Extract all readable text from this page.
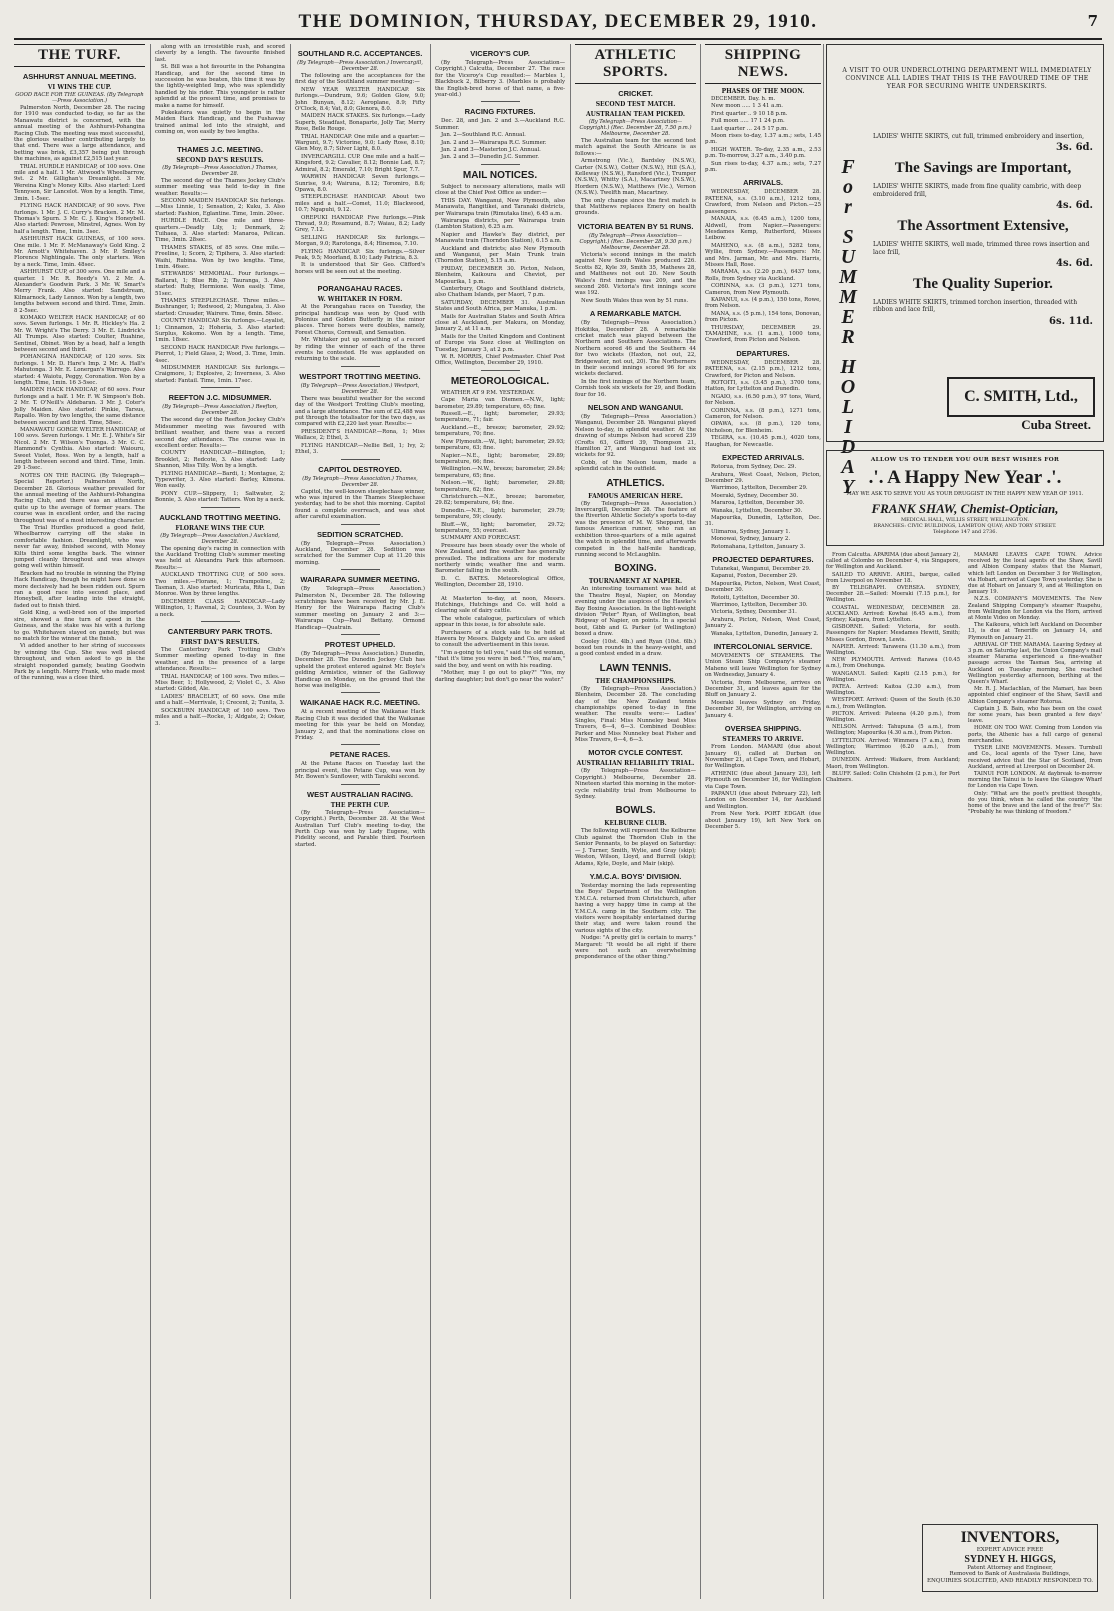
THE DOMINION, THURSDAY, DECEMBER 29, 1910.	7
THE TURF.
ASHHURST ANNUAL MEETING.
VI WINS THE CUP.
GOOD RACE FOR THE GUINEAS. (By Telegraph—Press Association.)

Palmerston North, December 28. The racing for 1910 was conducted to-day, so far as the Manawatu district is concerned, with the annual meeting of the Ashhurst-Pohangina Racing Club. The meeting was most successful, the glorious weather contributing largely to that end. There was a large attendance, and betting was brisk, £3,357 being put through the machines, as against £2,515 last year.

TRIAL HURDLE HANDICAP, of 100 sovs. One mile and a half. 1 Mr. Attwood's Wheelbarrow, 9st. 2 Mr. Gillighan's Dreamlight. 3 Mr. Wereina King's Money Kilts. Also started: Lord Tennyson, Sir Lancelot. Won by a length. Time, 3min. 1-5sec.

FLYING HACK HANDICAP, of 90 sovs. Five furlongs. 1 Mr. J. C. Curry's Bracken. 2 Mr. M. Thomas's Spurn. 3 Mr. C. J. King's Honeybell. Also started: Pewrose, Minstrel, Agnes. Won by half a length. Time, 1min. 3sec.

ASHHURST HACK GUINEAS, of 100 sovs. One mile. 1 Mr. F. McManaway's Gold King. 2 Mr. Arnott's Whitehaven. 3 Mr. P. Smiley's Florence Nightingale. The only starters. Won by a neck. Time, 1min. 48sec.

ASHHURST CUP, of 300 sovs. One mile and a quarter. 1 Mr. R. Reedy's Vi. 2 Mr. A. Alexander's Goodwin Park. 3 Mr. W. Smart's Merry Frank. Also started: Sandstream, Kilmarnock, Lady Lennox. Won by a length, two lengths between second and third. Time, 2min. 8 2-5sec.

KOMAKO WELTER HACK HANDICAP, of 60 sovs. Seven furlongs. 1 Mr. R. Hickley's Ha. 2 Mr. W. Wright's The Derry. 3 Mr. E. Lindrick's All Trumps. Also started: Coulter, Ruahine, Sentinel, Obinet. Won by a head, half a length between second and third.

POHANGINA HANDICAP, of 120 sovs. Six furlongs. 1 Mr. D. Hare's Imp. 2 Mr. A. Hall's Mahutonga. 3 Mr. E. Lonergan's Warrego. Also started: 4 Waiotu, Peggy, Coronation. Won by a length. Time, 1min. 16 3-5sec.

MAIDEN HACK HANDICAP, of 60 sovs. Four furlongs and a half. 1 Mr. F. W. Simpson's Bob. 2 Mr. T. O'Neill's Aldebaran. 3 Mr. J. Coter's Jolly Maiden. Also started: Pinkie, Tarsus, Rapallo. Won by two lengths, the same distance between second and third. Time, 58sec.

MANAWATU GORGE WELTER HANDICAP, of 100 sovs. Seven furlongs. 1 Mr. E. J. White's Sir Nicol. 2 Mr. T. Wilson's Tuonga. 3 Mr. C. C. Hammond's Cynthia. Also started: Waiouru, Sweet Violet, Ross. Won by a length, half a length between second and third. Time, 1min. 29 1-5sec.

NOTES ON THE RACING. (By Telegraph—Special Reporter.) Palmerston North, December 28. Glorious weather prevailed for the annual meeting of the Ashhurst-Pohangina Racing Club, and there was an attendance quite up to the average of former years. The course was in excellent order, and the racing throughout was of a most interesting character.

The Trial Hurdles produced a good field, Wheelbarrow carrying off the stake in comfortable fashion. Dreamlight, who was never far away, finished second, with Money Kilts third some lengths back. The winner jumped cleanly throughout and was always going well within himself.

Bracken had no trouble in winning the Flying Hack Handicap, though he might have done so more decisively had he been ridden out. Spurn ran a good race into second place, and Honeybell, after leading into the straight, faded out to finish third.

Gold King, a well-bred son of the imported sire, showed a fine turn of speed in the Guineas, and the stake was his with a furlong to go. Whitehaven stayed on gamely, but was no match for the winner at the finish.

Vi added another to her string of successes by winning the Cup. She was well placed throughout, and when asked to go in the straight responded gamely, beating Goodwin Park by a length. Merry Frank, who made most of the running, was a close third.

along with an irresistible rush, and scored cleverly by a length. The favourite finished last.

St. Bill was a hot favourite in the Pohangina Handicap, and for the second time in succession he was beaten, this time it was by the lightly-weighted Imp, who was splendidly handled by his rider. This youngster is rather splendid at the present time, and promises to make a name for himself.

Pukekatera was quietly to begin in the Maiden Hack Handicap, and the Fushaway trained animal led into the straight, and coming on, won easily by two lengths.

THAMES J.C. MEETING.
SECOND DAY'S RESULTS.
(By Telegraph—Press Association.) Thames, December 28.

The second day of the Thames Jockey Club's summer meeting was held to-day in fine weather. Results:—

SECOND MAIDEN HANDICAP. Six furlongs.—Miss Linnie, 1; Sensation, 2; Kuku, 3. Also started: Fashion, Eglantine. Time, 1min. 20sec.

HURDLE RACE. One mile and three-quarters.—Deadly Lily, 1; Denmark, 2; Tuihaea, 3. Also started: Manaroa, Pelican. Time, 3min. 28sec.

THAMES STAKES, of 85 sovs. One mile.—Freeline, 1; Scorn, 2; Tipihera, 3. Also started: Waihi, Rubina. Won by two lengths. Time, 1min. 46sec.

STEWARDS' MEMORIAL. Four furlongs.—Ballarat, 1; Blue Rib, 2; Tauranga, 3. Also started: Ruby, Hermione. Won easily. Time, 51sec.

THAMES STEEPLECHASE. Three miles.—Bushranger, 1; Redwood, 2; Mungatea, 3. Also started: Crusader, Wairere. Time, 6min. 58sec.

COUNTY HANDICAP. Six furlongs.—Loyalist, 1; Cinnamon, 2; Hoheria, 3. Also started: Surplus, Kokomo. Won by a length. Time, 1min. 18sec.

SECOND HACK HANDICAP. Five furlongs.—Pierrot, 1; Field Glass, 2; Wood, 3. Time, 1min. 4sec.

MIDSUMMER HANDICAP. Six furlongs.—Craigmore, 1; Explosive, 2; Inverness, 3. Also started: Fantail. Time, 1min. 17sec.

REEFTON J.C. MIDSUMMER.
(By Telegraph—Press Association.) Reefton, December 28.

The second day of the Reefton Jockey Club's Midsummer meeting was favoured with brilliant weather, and there was a record second day attendance. The course was in excellent order. Results:—

COUNTY HANDICAP.—Billington, 1; Brooklet, 2; Redcote, 3. Also started: Lady Shannon, Miss Tilly. Won by a length.

FLYING HANDICAP.—Bardi, 1; Montague, 2; Typewriter, 3. Also started: Barley, Kimona. Won easily.

PONY CUP.—Slippery, 1; Saltwater, 2; Bonnie, 3. Also started: Tatters. Won by a neck.

AUCKLAND TROTTING MEETING.
FLORANE WINS THE CUP.
(By Telegraph—Press Association.) Auckland, December 28.

The opening day's racing in connection with the Auckland Trotting Club's summer meeting was held at Alexandra Park this afternoon. Results:—

AUCKLAND TROTTING CUP, of 500 sovs. Two miles.—Florane, 1; Trampoline, 2; Tasman, 3. Also started: Muricata, Rita L, Dan Monroe. Won by three lengths.

DECEMBER CLASS HANDICAP.—Lady Willington, 1; Ravenal, 2; Countess, 3. Won by a neck.

CANTERBURY PARK TROTS.
FIRST DAY'S RESULTS.

The Canterbury Park Trotting Club's Summer meeting opened to-day in fine weather, and in the presence of a large attendance. Results:—

TRIAL HANDICAP, of 100 sovs. Two miles.—Miss Beer, 1; Hollywood, 2; Violet C., 3. Also started: Gilded, Ale.

LADIES' BRACELET, of 60 sovs. One mile and a half.—Merrivale, 1; Crecent, 2; Tunita, 3.

SOCKBURN HANDICAP, of 160 sovs. Two miles and a half.—Rocke, 1; Aldgate, 2; Oskar, 3.

SOUTHLAND R.C. ACCEPTANCES.
(By Telegraph—Press Association.) Invercargill, December 28.

The following are the acceptances for the first day of the Southland summer meeting:—

NEW YEAR WELTER HANDICAP. Six furlongs.—Dundrum, 9.6; Golden Glow, 9.0; John Bunyan, 8.12; Aeroplane, 8.9; Fifty O'Clock, 8.4; Vat, 8.0; Glenora, 8.0.

MAIDEN HACK STAKES. Six furlongs.—Lady Superb, Steadfast, Bonaparte, Jolly Tar, Merry Rose, Belle Rouge.

TRIAL HANDICAP. One mile and a quarter.—Wargunt, 9.7; Victorine, 9.0; Lady Rose, 8.10; Glen Moy, 8.7; Silver Light, 8.0.

INVERCARGILL CUP. One mile and a half.—Kingsford, 9.2; Cavalier, 8.12; Bonnie Lad, 8.7; Admiral, 8.2; Emerald, 7.10; Bright Spur, 7.7.

WARWIN HANDICAP. Seven furlongs.—Sunrise, 9.4; Wairuna, 8.12; Toromiro, 8.6; Opawa, 8.0.

STEEPLECHASE HANDICAP. About two miles and a half.—Comet, 11.0; Blackwood, 10.7; Ngapuhi, 9.12.

OREPUKI HANDICAP. Five furlongs.—Pink Thread, 9.0; Rosamund, 8.7; Waiau, 8.2; Lady Grey, 7.12.

SELLING HANDICAP. Six furlongs.—Morgan, 9.0; Rarotonga, 8.4; Hinemoa, 7.10.

FLYING HANDICAP. Six furlongs.—Silver Peak, 9.5; Moorland, 8.10; Lady Patricia, 8.3.

It is understood that Sir Geo. Clifford's horses will be seen out at the meeting.

PORANGAHAU RACES.
W. WHITAKER IN FORM.

At the Porangahau races on Tuesday, the principal handicap was won by Quod with Polonius and Golden Butterfly in the minor places. Three horses were doubles, namely, Forest Chorus, Cornwall, and Sensation.

Mr. Whitaker put up something of a record by riding the winner of each of the three events he contested. He was applauded on returning to the scale.

WESTPORT TROTTING MEETING.
(By Telegraph—Press Association.) Westport, December 28.

There was beautiful weather for the second day of the Westport Trotting Club's meeting, and a large attendance. The sum of £2,488 was put through the totalisator for the two days, as compared with £2,220 last year. Results:—

PRESIDENT'S HANDICAP.—Rona, 1; Miss Wallace, 2; Ethel, 3.

FLYING HANDICAP.—Nellie Bell, 1; Ivy, 2; Ethel, 3.

CAPITOL DESTROYED.
(By Telegraph—Press Association.) Thames, December 28.

Capitol, the well-known steeplechase winner, who was injured in the Thames Steeplechase yesterday, had to be shot this morning. Capitol found a complete overreach, and was shot after careful examination.

SEDITION SCRATCHED.

(By Telegraph—Press Association.) Auckland, December 28. Sedition was scratched for the Summer Cup at 11.20 this morning.

WAIRARAPA SUMMER MEETING.

(By Telegraph—Press Association.) Palmerston N., December 28. The following scratchings have been received by Mr. J. E. Henry for the Wairarapa Racing Club's summer meeting on January 2 and 3:—Wairarapa Cup—Paul Bettany. Ormond Handicap—Quatrain.

PROTEST UPHELD.

(By Telegraph—Press Association.) Dunedin, December 28. The Dunedin Jockey Club has upheld the protest entered against Mr. Boyle's gelding Armistice, winner of the Galloway Handicap on Monday, on the ground that the horse was ineligible.

WAIKANAE HACK R.C. MEETING.

At a recent meeting of the Waikanae Hack Racing Club it was decided that the Waikanae meeting for this year be held on Monday, January 2, and that the nominations close on Friday.

PETANE RACES.

At the Petane Races on Tuesday last the principal event, the Petane Cup, was won by Mr. Bowen's Sunflower, with Tarakihi second.

WEST AUSTRALIAN RACING.
THE PERTH CUP.

(By Telegraph—Press Association—Copyright.) Perth, December 28. At the West Australian Turf Club's meeting to-day, the Perth Cup was won by Lady Eugene, with Fidelity second, and Parable third. Fourteen started.

VICEROY'S CUP.

(By Telegraph—Press Association—Copyright.) Calcutta, December 27. The race for the Viceroy's Cup resulted:— Marbles 1, Blackbuck 2, Bilberry 3. (Marbles is probably the English-bred horse of that name, a five-year-old.)

RACING FIXTURES.

Dec. 28, and Jan. 2 and 3.—Auckland R.C. Summer.

Jan. 2—Southland R.C. Annual.

Jan. 2 and 3—Wairarapa R.C. Summer.

Jan. 2 and 3—Masterton J.C. Annual.

Jan. 2 and 3—Dunedin J.C. Summer.

MAIL NOTICES.

Subject to necessary alterations, mails will close at the Chief Post Office as under:—

THIS DAY. Wanganui, New Plymouth, also Manawatu, Rangitikei, and Taranaki districts, per Wairarapa train (Rimutaka line), 6.45 a.m.

Wairarapa districts, per Wairarapa train (Lambton Station), 6.25 a.m.

Napier and Hawke's Bay district, per Manawatu train (Thorndon Station), 6.15 a.m.

Auckland and districts; also New Plymouth and Wanganui, per Main Trunk train (Thorndon Station), 5.15 a.m.

FRIDAY, DECEMBER 30. Picton, Nelson, Blenheim, Kaikoura and Cheviot, per Mapourika, 1 p.m.

Canterbury, Otago and Southland districts, also Chatham Islands, per Maori, 7 p.m.

SATURDAY, DECEMBER 31. Australian States and South Africa, per Manuka, 1 p.m.

Mails for Australian States and South Africa close at Auckland, per Makura, on Monday, January 2, at 11 a.m.

Mails for the United Kingdom and Continent of Europe via Suez close at Wellington on Tuesday, January 3, at 2 p.m.

W. R. MORRIS, Chief Postmaster. Chief Post Office, Wellington, December 29, 1910.

METEOROLOGICAL.

WEATHER AT 9 P.M. YESTERDAY.

Cape Maria van Diemen.—N.W., light; barometer, 29.89; temperature, 65; fine.

Russell.—E., light; barometer, 29.93; temperature, 71; fair.

Auckland.—E., breeze; barometer, 29.92; temperature, 70; fine.

New Plymouth.—W., light; barometer, 29.93; temperature, 63; fine.

Napier.—N.E., light; barometer, 29.89; temperature, 66; fine.

Wellington.—N.W., breeze; barometer, 29.84; temperature, 65; fine.

Nelson.—W., light; barometer, 29.88; temperature, 62; fine.

Christchurch.—N.E., breeze; barometer, 29.82; temperature, 64; fine.

Dunedin.—N.E., light; barometer, 29.79; temperature, 59; cloudy.

Bluff.—W., light; barometer, 29.72; temperature, 55; overcast.

SUMMARY AND FORECAST.

Pressure has been steady over the whole of New Zealand, and fine weather has generally prevailed. The indications are for moderate northerly winds; weather fine and warm. Barometer falling in the south.

D. C. BATES. Meteorological Office, Wellington, December 28, 1910.

At Masterton to-day, at noon, Messrs. Hutchings, Hutchings and Co. will hold a clearing sale of dairy cattle.

The whole catalogue, particulars of which appear in this issue, is for absolute sale.

Purchasers of a stock sale to be held at Hawera by Messrs. Dalgety and Co. are asked to consult the advertisement in this issue.

"I'm a-going to tell you," said the old woman, "that it's time you were in bed." "Yes, ma'am," said the boy, and went on with his reading.

"Mother, may I go out to play?" "Yes, my darling daughter; but don't go near the water."

ATHLETIC SPORTS.
CRICKET.
SECOND TEST MATCH.
AUSTRALIAN TEAM PICKED.
(By Telegraph—Press Association—Copyright.) (Rec. December 28, 7.50 p.m.) Melbourne, December 28.

The Australian team for the second test match against the South Africans is as follows:—

Armstrong (Vic.), Bardsley (N.S.W.), Carter (N.S.W.), Cotter (N.S.W.), Hill (S.A.), Kelleway (N.S.W.), Ransford (Vic.), Trumper (N.S.W.), Whitty (S.A.), Macartney (N.S.W.), Hordern (N.S.W.), Matthews (Vic.), Vernon (N.S.W.). Twelfth man, Macartney.

The only change since the first match is that Matthews replaces Emery on health grounds.

VICTORIA BEATEN BY 51 RUNS.
(By Telegraph—Press Association—Copyright.) (Rec. December 28, 9.30 p.m.) Melbourne, December 28.

Victoria's second innings in the match against New South Wales produced 226. Scotts 82, Kyle 39, Smith 35, Mathews 28, and Matthews not out 20. New South Wales's first innings was 209, and the second 260. Victoria's first innings score was 192.

New South Wales thus won by 51 runs.

A REMARKABLE MATCH.

(By Telegraph—Press Association.) Hokitika, December 28. A remarkable cricket match was played between the Northern and Southern Associations. The Northern scored 46 and the Southern 44 for two wickets (Haxton, not out, 22, Bridgewater, not out, 20). The Northerners in their second innings scored 96 for six wickets declared.

In the first innings of the Northern team, Cornish took six wickets for 29, and Bodkin four for 16.

NELSON AND WANGANUI.

(By Telegraph—Press Association.) Wanganui, December 28. Wanganui played Nelson to-day, in splendid weather. At the drawing of stumps Nelson had scored 239 (Crofts 63, Gifford 39, Thompson 21, Hamilton 27, and Wanganui had lost six wickets for 92.

Cobb, of the Nelson team, made a splendid catch in the outfield.

ATHLETICS.
FAMOUS AMERICAN HERE.

(By Telegraph—Press Association.) Invercargill, December 28. The feature of the Riverton Athletic Society's sports to-day was the presence of M. W. Sheppard, the famous American runner, who ran an exhibition three-quarters of a mile against the watch in splendid time, and afterwards competed in the half-mile handicap, running second to McLaughlin.

BOXING.
TOURNAMENT AT NAPIER.

An interesting tournament was held at the Theatre Royal, Napier, on Monday evening under the auspices of the Hawke's Bay Boxing Association. In the light-weight division "Peter" Ryan, of Wellington, beat Ridgway of Napier, on points. In a special bout, Gibb and G. Parker (of Wellington) boxed a draw.

Cooley (10st. 4lb.) and Ryan (10st. 6lb.) boxed ten rounds in the heavy-weight, and a good contest ended in a draw.

LAWN TENNIS.
THE CHAMPIONSHIPS.

(By Telegraph—Press Association.) Blenheim, December 28. The concluding day of the New Zealand tennis championships opened to-day in fine weather. The results were:— Ladies' Singles, Final: Miss Nunneley beat Miss Travers, 6—4, 6—3. Combined Doubles: Parker and Miss Nunneley beat Fisher and Miss Travers, 6—4, 6—3.

MOTOR CYCLE CONTEST.
AUSTRALIAN RELIABILITY TRIAL.

(By Telegraph—Press Association—Copyright.) Melbourne, December 28. Nineteen started this morning in the motor-cycle reliability trial from Melbourne to Sydney.

BOWLS.
KELBURNE CLUB.

The following will represent the Kelburne Club against the Thorndon Club in the Senior Pennants, to be played on Saturday:— J. Turner, Smith, Wylie, and Gray (skip); Weston, Wilson, Lloyd, and Burrell (skip); Adams, Kyle, Doyle, and Mair (skip).

Y.M.C.A. BOYS' DIVISION.

Yesterday morning the lads representing the Boys' Department of the Wellington Y.M.C.A. returned from Christchurch, after having a very happy time in camp at the Y.M.C.A. camp in the Southern city. The visitors were hospitably entertained during their stay, and were taken round the various sights of the city.

Nudge: "A pretty girl is certain to marry." Margaret: "It would be all right if there were not such an overwhelming preponderance of the other thing."

SHIPPING NEWS.
PHASES OF THE MOON.

DECEMBER. Day. h. m.

New moon ..... 1 3 41 a.m.

First quarter .. 9 10 18 p.m.

Full moon ..... 17 1 24 p.m.

Last quarter ... 24 5 17 p.m.

Moon rises to-day, 1.37 a.m.; sets, 1.45 p.m.

HIGH WATER. To-day, 2.35 a.m., 2.53 p.m. To-morrow, 3.27 a.m., 3.40 p.m.

Sun rises to-day, 4.37 a.m.; sets, 7.27 p.m.

ARRIVALS.

WEDNESDAY, DECEMBER 28. PATEENA, s.s. (3.10 a.m.), 1212 tons, Crawford, from Nelson and Picton.—25 passengers.

MANAIA, s.s. (6.45 a.m.), 1200 tons, Aldwell, from Napier.—Passengers: Mesdames Kemp, Rutherford, Misses Leibow.

MAHENO, s.s. (8 a.m.), 5282 tons, Wyllie, from Sydney.—Passengers: Mr. and Mrs. Jarman, Mr. and Mrs. Harris, Misses Hall, Rose.

MARAMA, s.s. (2.20 p.m.), 6437 tons, Rolls, from Sydney via Auckland.

CORINNA, s.s. (3 p.m.), 1271 tons, Cameron, from New Plymouth.

KAPANUI, s.s. (4 p.m.), 150 tons, Rowe, from Nelson.

MANA, s.s. (5 p.m.), 154 tons, Donovan, from Picton.

THURSDAY, DECEMBER 29. TAMAHINE, s.s. (1 a.m.), 1000 tons, Crawford, from Picton and Nelson.

DEPARTURES.

WEDNESDAY, DECEMBER 28. PATEENA, s.s. (2.15 p.m.), 1212 tons, Crawford, for Picton and Nelson.

ROTOITI, s.s. (3.45 p.m.), 3700 tons, Hatton, for Lyttelton and Dunedin.

NGAIO, s.s. (6.50 p.m.), 97 tons, Ward, for Nelson.

CORINNA, s.s. (8 p.m.), 1271 tons, Cameron, for Nelson.

OPAWA, s.s. (8 p.m.), 120 tons, Nicholson, for Blenheim.

TEGIRA, s.s. (10.45 p.m.), 4020 tons, Haughan, for Newcastle.

EXPECTED ARRIVALS.

Rotorua, from Sydney, Dec. 29.

Arahura, West Coast, Nelson, Picton, December 29.

Warrimoo, Lyttelton, December 29.

Moeraki, Sydney, December 30.

Mararoa, Lyttelton, December 30.

Wanaka, Lyttelton, December 30.

Mapourika, Dunedin, Lyttelton, Dec. 31.

Ulimaroa, Sydney, January 1.

Monowai, Sydney, January 2.

Rotomahana, Lyttelton, January 3.

PROJECTED DEPARTURES.

Tutanekai, Wanganui, December 29.

Kapanui, Foxton, December 29.

Mapourika, Picton, Nelson, West Coast, December 30.

Rotoiti, Lyttelton, December 30.

Warrimoo, Lyttelton, December 30.

Victoria, Sydney, December 31.

Arahura, Picton, Nelson, West Coast, January 2.

Wanaka, Lyttelton, Dunedin, January 2.

INTERCOLONIAL SERVICE.

MOVEMENTS OF STEAMERS. The Union Steam Ship Company's steamer Maheno will leave Wellington for Sydney on Wednesday, January 4.

Victoria, from Melbourne, arrives on December 31, and leaves again for the Bluff on January 2.

Moeraki leaves Sydney on Friday, December 30, for Wellington, arriving on January 4.

OVERSEA SHIPPING.
STEAMERS TO ARRIVE.

From London. MAMARI (due about January 6), called at Durban on November 21, at Cape Town, and Hobart, for Wellington.

ATHENIC (due about January 23), left Plymouth on December 16, for Wellington via Cape Town.

PAPANUI (due about February 22), left London on December 14, for Auckland and Wellington.

From New York. PORT EDGAR (due about January 19), left New York on December 5.

A VISIT TO OUR UNDERCLOTHING DEPARTMENT WILL IMMEDIATELY CONVINCE ALL LADIES THAT THIS IS THE FAVOURED TIME OF THE YEAR FOR SECURING WHITE UNDERSKIRTS.
F
o
r
S
U
M
M
E
R
H
O
L
I
D
A
Y
LADIES' WHITE SKIRTS, cut full, trimmed embroidery and insertion,
3s. 6d.
The Savings are Important,
LADIES' WHITE SKIRTS, made from fine quality cambric, with deep embroidered frill,
4s. 6d.
The Assortment Extensive,
LADIES' WHITE SKIRTS, well made, trimmed three rows insertion and lace frill,
4s. 6d.
The Quality Superior.
LADIES WHITE SKIRTS, trimmed torchon insertion, threaded with ribbon and lace frill,
6s. 11d.
C. SMITH, Ltd.,
Cuba Street.
ALLOW US TO TENDER YOU OUR BEST WISHES FOR
.'. A Happy New Year .'.
MAY WE ASK TO SERVE YOU AS YOUR DRUGGIST IN THE HAPPY NEW YEAR OF 1911.
FRANK SHAW, Chemist-Optician,
MEDICAL HALL, WILLIS STREET, WELLINGTON.
BRANCHES: CIVIC BUILDINGS, LAMBTON QUAY; AND TORY STREET.
Telephone 147 and 2736.

From Calcutta. APARIMA (due about January 2), called at Colombo on December 4, via Singapore, for Wellington and Auckland.

SAILED TO ARRIVE. ARIEL, barque, called from Liverpool on November 18.

BY TELEGRAPH. OVERSEA. SYDNEY, December 28.—Sailed: Moeraki (7.15 p.m.), for Wellington.

COASTAL. WEDNESDAY, DECEMBER 28. AUCKLAND. Arrived: Kowhai (6.45 a.m.), from Sydney; Kaipara, from Lyttelton.

GISBORNE. Sailed: Victoria, for south. Passengers for Napier: Mesdames Hewitt, Smith; Misses Gordon, Brown, Lewis.

NAPIER. Arrived: Tarawera (11.30 a.m.), from Wellington.

NEW PLYMOUTH. Arrived: Rarawa (10.45 a.m.), from Onehunga.

WANGANUI. Sailed: Kapiti (2.15 p.m.), for Wellington.

PATEA. Arrived: Kaitoa (2.30 a.m.), from Wellington.

WESTPORT. Arrived: Queen of the South (6.30 a.m.), from Wellington.

PICTON. Arrived: Pateena (4.20 p.m.), from Wellington.

NELSON. Arrived: Tahupuna (5 a.m.), from Wellington; Mapourika (4.30 a.m.), from Picton.

LYTTELTON. Arrived: Wimmera (7 a.m.), from Wellington; Warrimoo (6.20 a.m.), from Wellington.

DUNEDIN. Arrived: Waikare, from Auckland; Maori, from Wellington.

BLUFF. Sailed: Colin Chisholm (2 p.m.), for Port Chalmers.

MAMARI LEAVES CAPE TOWN. Advice received by the local agents of the Shaw, Savill and Albion Company states that the Mamari, which left London on December 3 for Wellington, via Hobart, arrived at Cape Town yesterday. She is due at Hobart on January 9, and at Wellington on January 19.

N.Z.S. COMPANY'S MOVEMENTS. The New Zealand Shipping Company's steamer Ruapehu, from Wellington for London via the Horn, arrived at Monte Video on Monday.

The Kaikoura, which left Auckland on December 13, is due at Teneriffe on January 14, and Plymouth on January 21.

ARRIVAL OF THE MARAMA. Leaving Sydney at 3 p.m. on Saturday last, the Union Company's mail steamer Marama experienced a fine-weather passage across the Tasman Sea, arriving at Auckland on Tuesday morning. She reached Wellington yesterday afternoon, berthing at the Queen's Wharf.

Mr. R. J. Maclachlan, of the Mamari, has been appointed chief engineer of the Shaw, Savill and Albion Company's steamer Rotorua.

Captain J. B. Bain, who has been on the coast for some years, has been granted a few days' leave.

HOME ON TOO WAY. Coming from London via ports, the Athenic has a full cargo of general merchandise.

TYSER LINE MOVEMENTS. Messrs. Turnbull and Co., local agents of the Tyser Line, have received advice that the Star of Scotland, from Auckland, arrived at Liverpool on December 24.

TAINUI FOR LONDON. At daybreak to-morrow morning the Tainui is to leave the Glasgow Wharf for London via Cape Town.

Only: "What are the poet's prettiest thoughts, do you think, when he called the country 'the home of the brave and the land of the free'?" Sis: "Probably he was thinking of freedom."

INVENTORS,
EXPERT ADVICE FREE
SYDNEY H. HIGGS,
Patent Attorney and Engineer,
Removed to Bank of Australasia Buildings,
ENQUIRIES SOLICITED, AND READILY RESPONDED TO.
